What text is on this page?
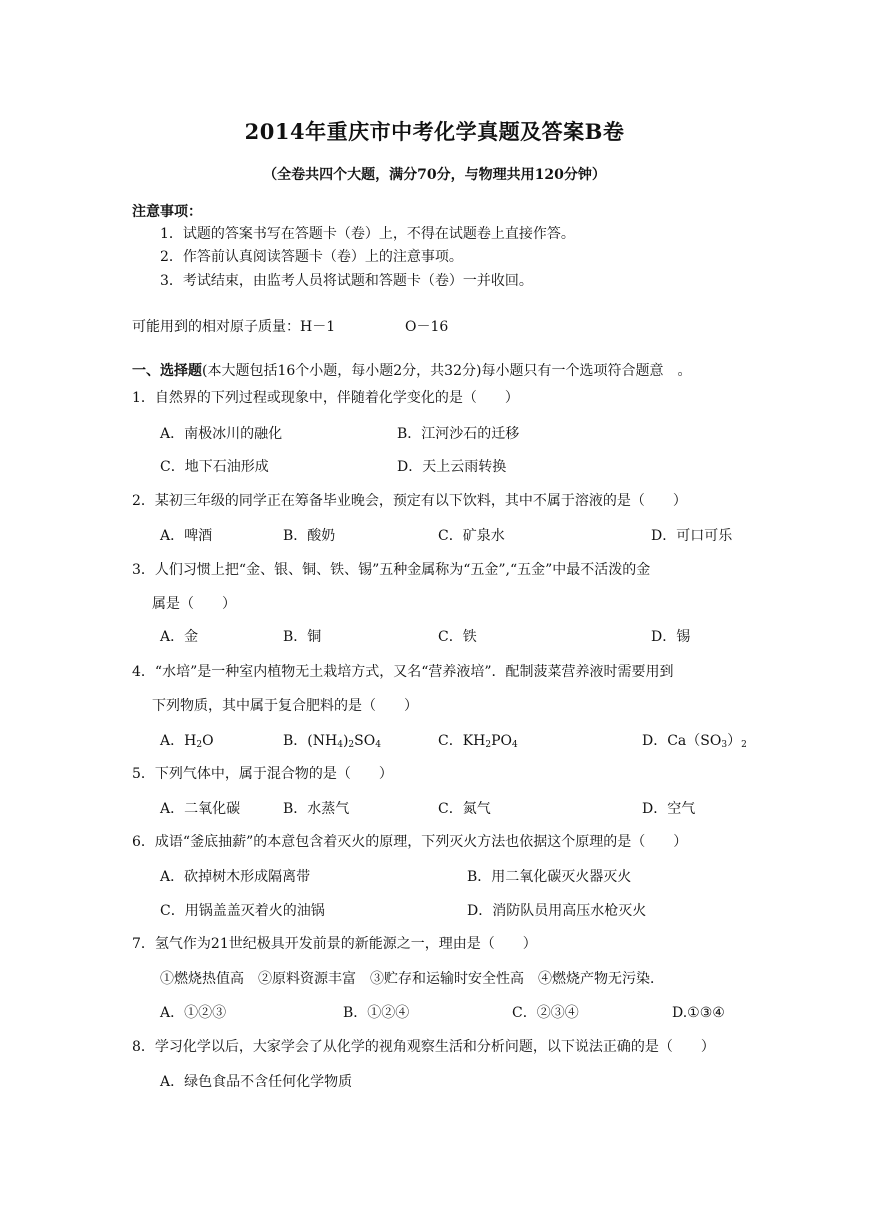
2014年重庆市中考化学真题及答案B卷
（全卷共四个大题，满分70分，与物理共用120分钟）
注意事项：
1．试题的答案书写在答题卡（卷）上，不得在试题卷上直接作答。
2．作答前认真阅读答题卡（卷）上的注意事项。
3．考试结束，由监考人员将试题和答题卡（卷）一并收回。
可能用到的相对原子质量：H－1	O－16
一、选择题(本大题包括16个小题，每小题2分，共32分)每小题只有一个选项符合题意 。
1．自然界的下列过程或现象中，伴随着化学变化的是（　　）
A．南极冰川的融化	B．江河沙石的迁移
C．地下石油形成	D．天上云雨转换
2．某初三年级的同学正在筹备毕业晚会，预定有以下饮料，其中不属于溶液的是（　　）
A．啤酒	B．酸奶	C．矿泉水	D．可口可乐
3．人们习惯上把“金、银、铜、铁、锡”五种金属称为“五金”,“五金”中最不活泼的金
属是（　　）
A．金	B．铜	C．铁	D．锡
4．“水培”是一种室内植物无土栽培方式，又名“营养液培”．配制菠菜营养液时需要用到
下列物质，其中属于复合肥料的是（　　）
A．$H_2O$	B．$(NH_4)_2SO_4$	C．$KH_2PO_4$	D．$Ca(SO_3)_2$
5．下列气体中，属于混合物的是（　　）
A．二氧化碳	B．水蒸气	C．氮气	D．空气
6．成语“釜底抽薪”的本意包含着灭火的原理，下列灭火方法也依据这个原理的是（　　）
A．砍掉树木形成隔离带	B．用二氧化碳灭火器灭火
C．用锅盖盖灭着火的油锅	D．消防队员用高压水枪灭火
7．氢气作为21世纪极具开发前景的新能源之一，理由是（　　）
①燃烧热值高　②原料资源丰富　③贮存和运输时安全性高　④燃烧产物无污染．
A．①②③	B．①②④	C．②③④	D.①③④
8．学习化学以后，大家学会了从化学的视角观察生活和分析问题，以下说法正确的是（　　）
A．绿色食品不含任何化学物质
